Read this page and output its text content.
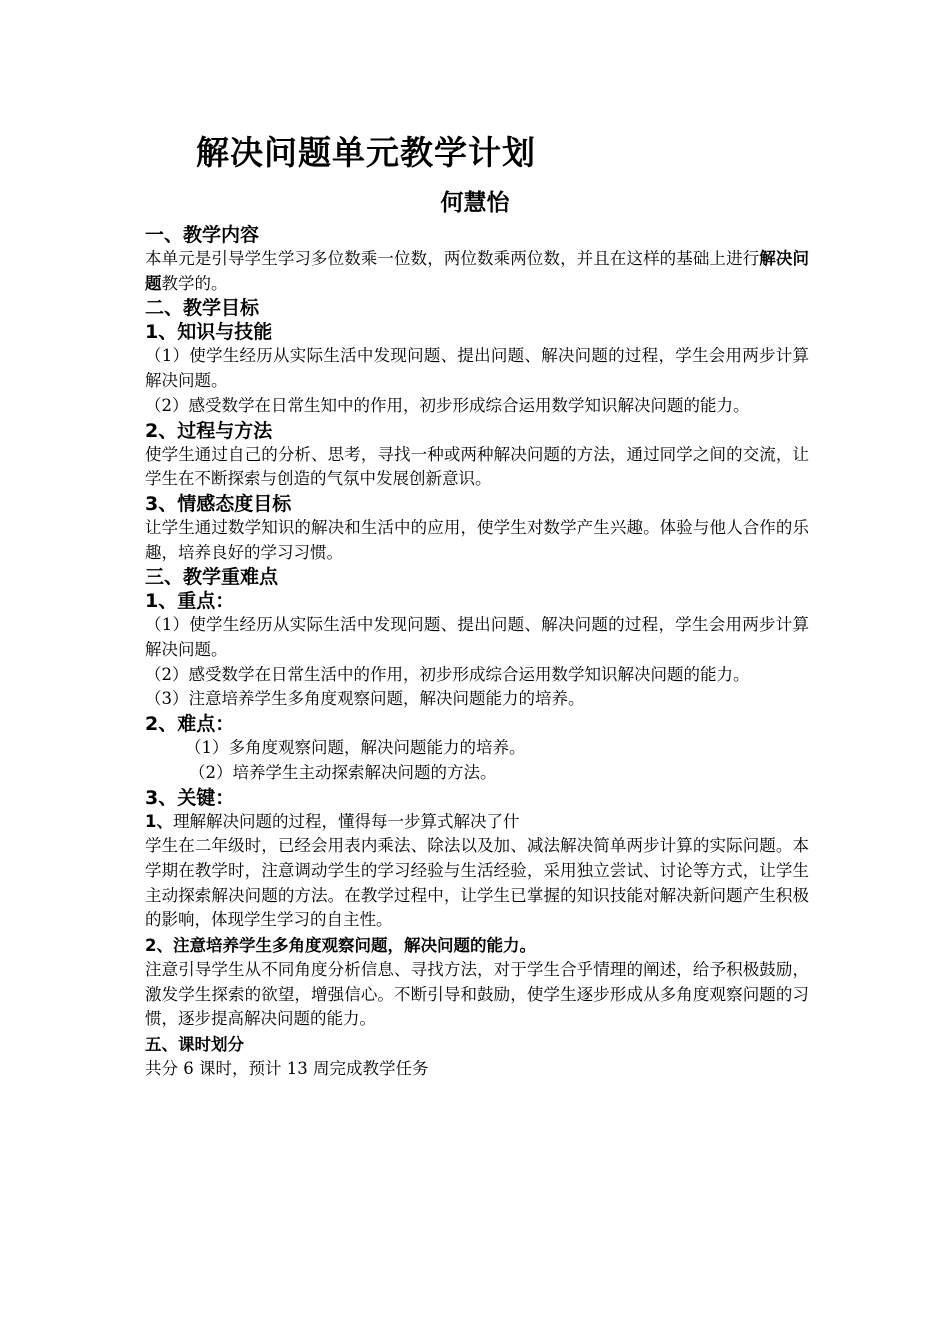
解决问题单元教学计划
何慧怡
一、教学内容

本单元是引导学生学习多位数乘一位数，两位数乘两位数，并且在这样的基础上进行解决问题教学的。

二、教学目标
1、知识与技能

（1）使学生经历从实际生活中发现问题、提出问题、解决问题的过程，学生会用两步计算解决问题。

（2）感受数学在日常生知中的作用，初步形成综合运用数学知识解决问题的能力。

2、过程与方法

使学生通过自己的分析、思考，寻找一种或两种解决问题的方法，通过同学之间的交流，让学生在不断探索与创造的气氛中发展创新意识。

3、情感态度目标

让学生通过数学知识的解决和生活中的应用，使学生对数学产生兴趣。体验与他人合作的乐趣，培养良好的学习习惯。

三、教学重难点
1、重点：

（1）使学生经历从实际生活中发现问题、提出问题、解决问题的过程，学生会用两步计算解决问题。

（2）感受数学在日常生活中的作用，初步形成综合运用数学知识解决问题的能力。

（3）注意培养学生多角度观察问题，解决问题能力的培养。

2、难点：

（1）多角度观察问题，解决问题能力的培养。

（2）培养学生主动探索解决问题的方法。

3、关键：

1、理解解决问题的过程，懂得每一步算式解决了什

学生在二年级时，已经会用表内乘法、除法以及加、减法解决简单两步计算的实际问题。本学期在教学时，注意调动学生的学习经验与生活经验，采用独立尝试、讨论等方式，让学生主动探索解决问题的方法。在教学过程中，让学生已掌握的知识技能对解决新问题产生积极的影响，体现学生学习的自主性。

2、注意培养学生多角度观察问题，解决问题的能力。

注意引导学生从不同角度分析信息、寻找方法，对于学生合乎情理的阐述，给予积极鼓励，激发学生探索的欲望，增强信心。不断引导和鼓励，使学生逐步形成从多角度观察问题的习惯，逐步提高解决问题的能力。

五、课时划分

共分 6 课时，预计 13 周完成教学任务
